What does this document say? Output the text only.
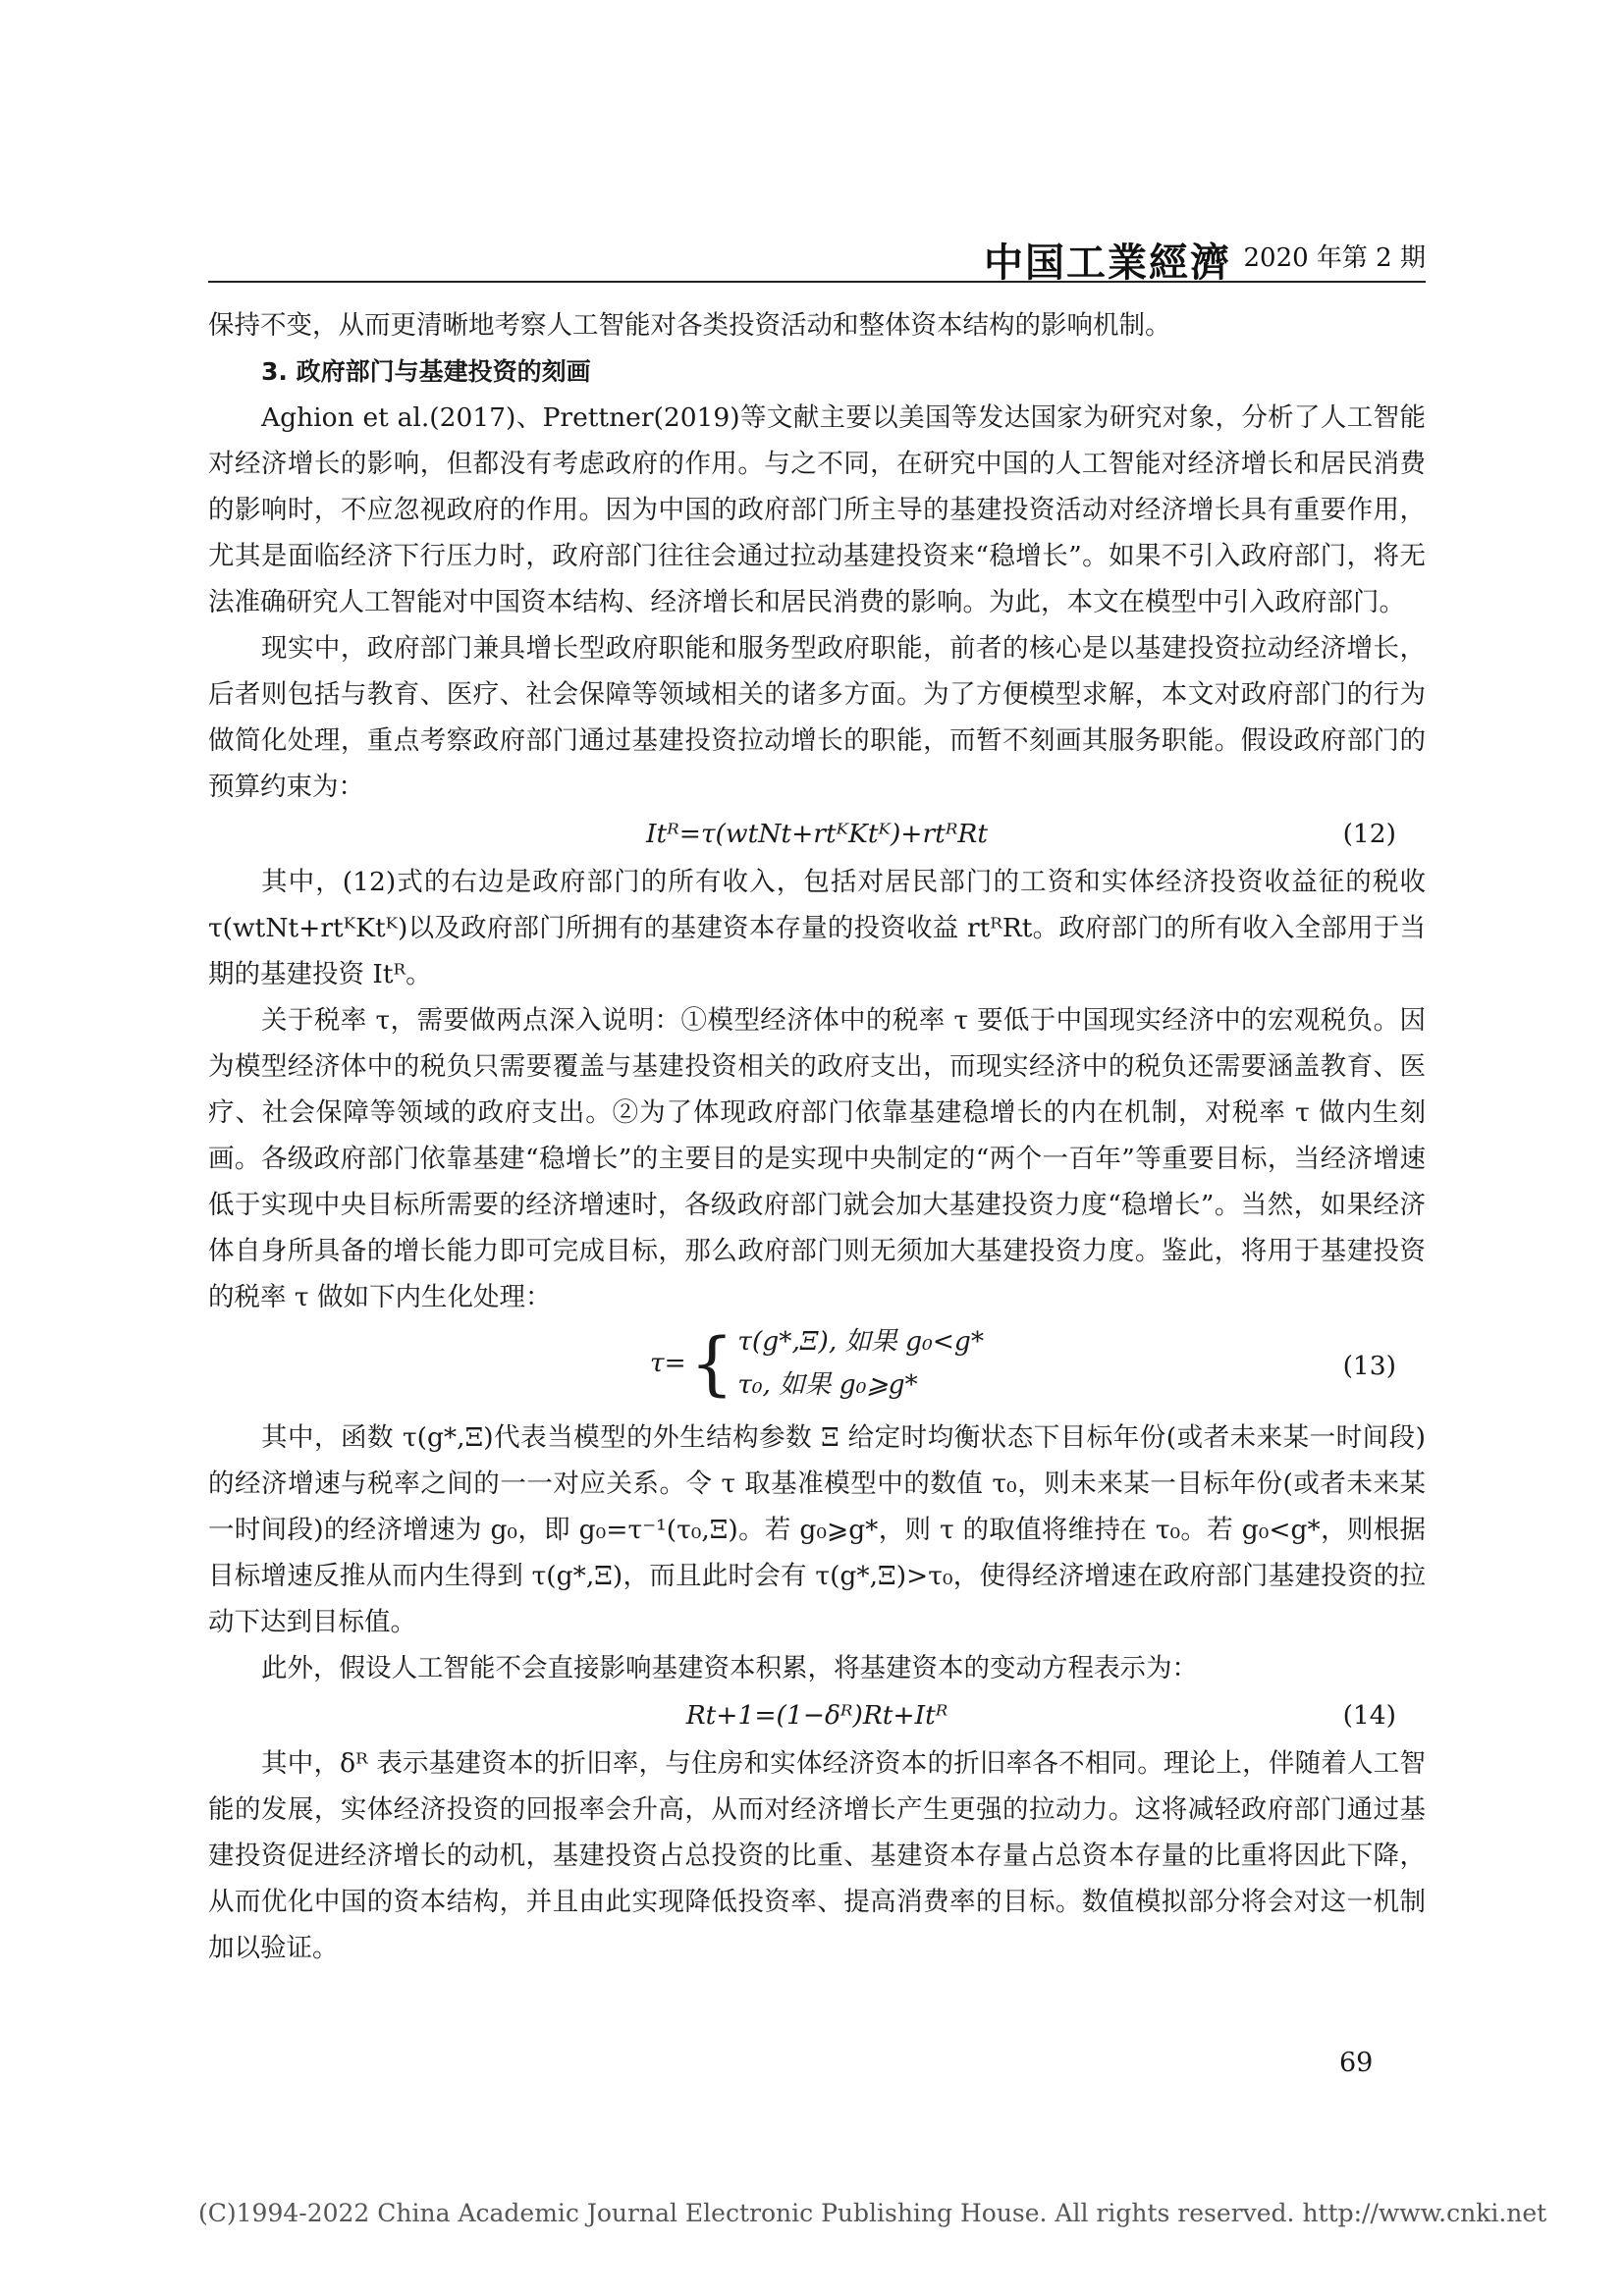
中国工業經濟 2020 年第 2 期

保持不变，从而更清晰地考察人工智能对各类投资活动和整体资本结构的影响机制。

3. 政府部门与基建投资的刻画

Aghion et al.(2017)、Prettner(2019)等文献主要以美国等发达国家为研究对象，分析了人工智能对经济增长的影响，但都没有考虑政府的作用。与之不同，在研究中国的人工智能对经济增长和居民消费的影响时，不应忽视政府的作用。因为中国的政府部门所主导的基建投资活动对经济增长具有重要作用，尤其是面临经济下行压力时，政府部门往往会通过拉动基建投资来“稳增长”。如果不引入政府部门，将无法准确研究人工智能对中国资本结构、经济增长和居民消费的影响。为此，本文在模型中引入政府部门。

现实中，政府部门兼具增长型政府职能和服务型政府职能，前者的核心是以基建投资拉动经济增长，后者则包括与教育、医疗、社会保障等领域相关的诸多方面。为了方便模型求解，本文对政府部门的行为做简化处理，重点考察政府部门通过基建投资拉动增长的职能，而暂不刻画其服务职能。假设政府部门的预算约束为：

Itᴿ=τ(wtNt+rtᴷKtᴷ)+rtᴿRt	(12)

其中，(12)式的右边是政府部门的所有收入，包括对居民部门的工资和实体经济投资收益征的税收 τ(wtNt+rtᴷKtᴷ)以及政府部门所拥有的基建资本存量的投资收益 rtᴿRt。政府部门的所有收入全部用于当期的基建投资 Itᴿ。

关于税率 τ，需要做两点深入说明：①模型经济体中的税率 τ 要低于中国现实经济中的宏观税负。因为模型经济体中的税负只需要覆盖与基建投资相关的政府支出，而现实经济中的税负还需要涵盖教育、医疗、社会保障等领域的政府支出。②为了体现政府部门依靠基建稳增长的内在机制，对税率 τ 做内生刻画。各级政府部门依靠基建“稳增长”的主要目的是实现中央制定的“两个一百年”等重要目标，当经济增速低于实现中央目标所需要的经济增速时，各级政府部门就会加大基建投资力度“稳增长”。当然，如果经济体自身所具备的增长能力即可完成目标，那么政府部门则无须加大基建投资力度。鉴此，将用于基建投资的税率 τ 做如下内生化处理：

τ={ τ(g*,Ξ), 如果 g₀<g*
τ₀, 如果 g₀⩾g*
(13)

其中，函数 τ(g*,Ξ)代表当模型的外生结构参数 Ξ 给定时均衡状态下目标年份(或者未来某一时间段)的经济增速与税率之间的一一对应关系。令 τ 取基准模型中的数值 τ₀，则未来某一目标年份(或者未来某一时间段)的经济增速为 g₀，即 g₀=τ⁻¹(τ₀,Ξ)。若 g₀⩾g*，则 τ 的取值将维持在 τ₀。若 g₀<g*，则根据目标增速反推从而内生得到 τ(g*,Ξ)，而且此时会有 τ(g*,Ξ)>τ₀，使得经济增速在政府部门基建投资的拉动下达到目标值。

此外，假设人工智能不会直接影响基建资本积累，将基建资本的变动方程表示为：

Rt+1=(1−δᴿ)Rt+Itᴿ	(14)

其中，δᴿ 表示基建资本的折旧率，与住房和实体经济资本的折旧率各不相同。理论上，伴随着人工智能的发展，实体经济投资的回报率会升高，从而对经济增长产生更强的拉动力。这将减轻政府部门通过基建投资促进经济增长的动机，基建投资占总投资的比重、基建资本存量占总资本存量的比重将因此下降，从而优化中国的资本结构，并且由此实现降低投资率、提高消费率的目标。数值模拟部分将会对这一机制加以验证。

69
(C)1994-2022 China Academic Journal Electronic Publishing House. All rights reserved. http://www.cnki.net
